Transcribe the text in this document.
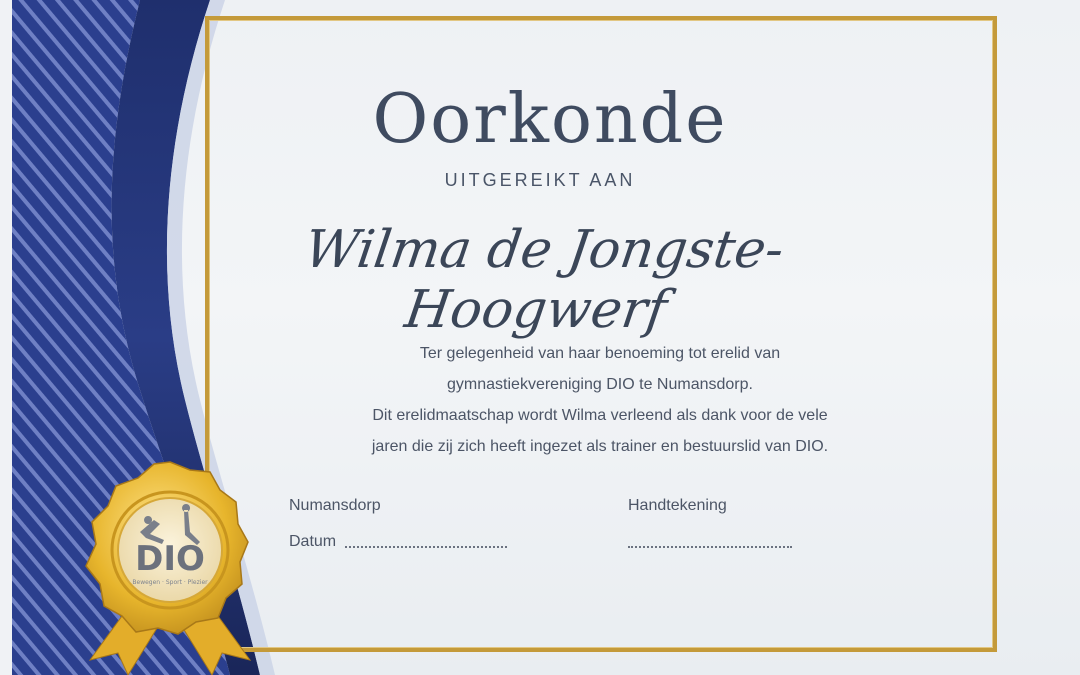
Oorkonde
UITGEREIKT AAN
Wilma de Jongste-Hoogwerf
Ter gelegenheid van haar benoeming tot erelid van
gymnastiekvereniging DIO te Numansdorp.
Dit erelidmaatschap wordt Wilma verleend als dank voor de vele
jaren die zij zich heeft ingezet als trainer en bestuurslid van DIO.
Numansdorp
Datum
Handtekening
DIO
Bewegen · Sport · Plezier
